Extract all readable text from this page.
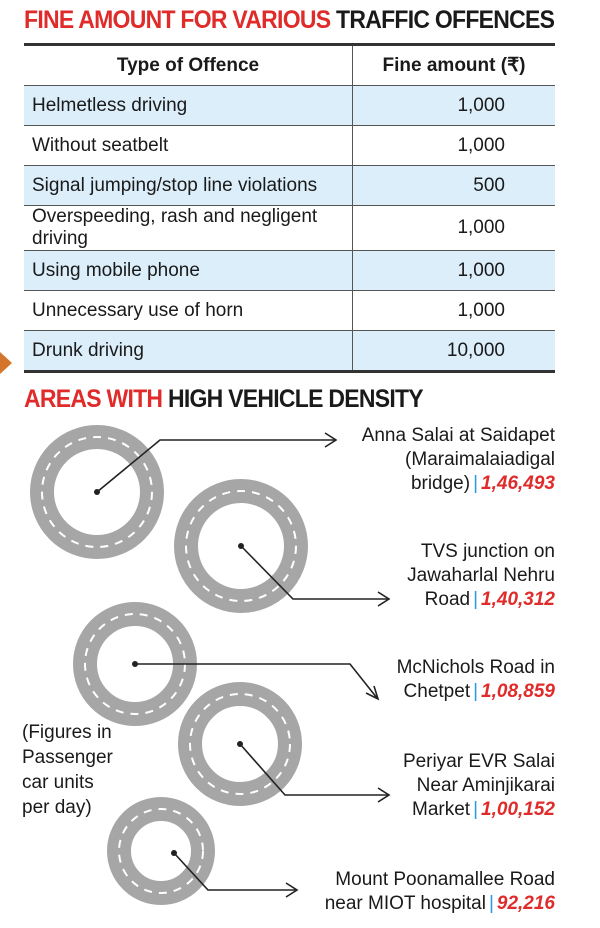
FINE AMOUNT FOR VARIOUS TRAFFIC OFFENCES
Type of Offence	Fine amount (₹)
Helmetless driving	1,000
Without seatbelt	1,000
Signal jumping/stop line violations	500
Overspeeding, rash and negligent driving	1,000
Using mobile phone	1,000
Unnecessary use of horn	1,000
Drunk driving	10,000
AREAS WITH HIGH VEHICLE DENSITY
Anna Salai at Saidapet
(Maraimalaiadigal
bridge) | 1,46,493
TVS junction on
Jawaharlal Nehru
Road | 1,40,312
McNichols Road in
Chetpet | 1,08,859
Periyar EVR Salai
Near Aminjikarai
Market | 1,00,152
Mount Poonamallee Road
near MIOT hospital | 92,216
(Figures in
Passenger
car units
per day)
